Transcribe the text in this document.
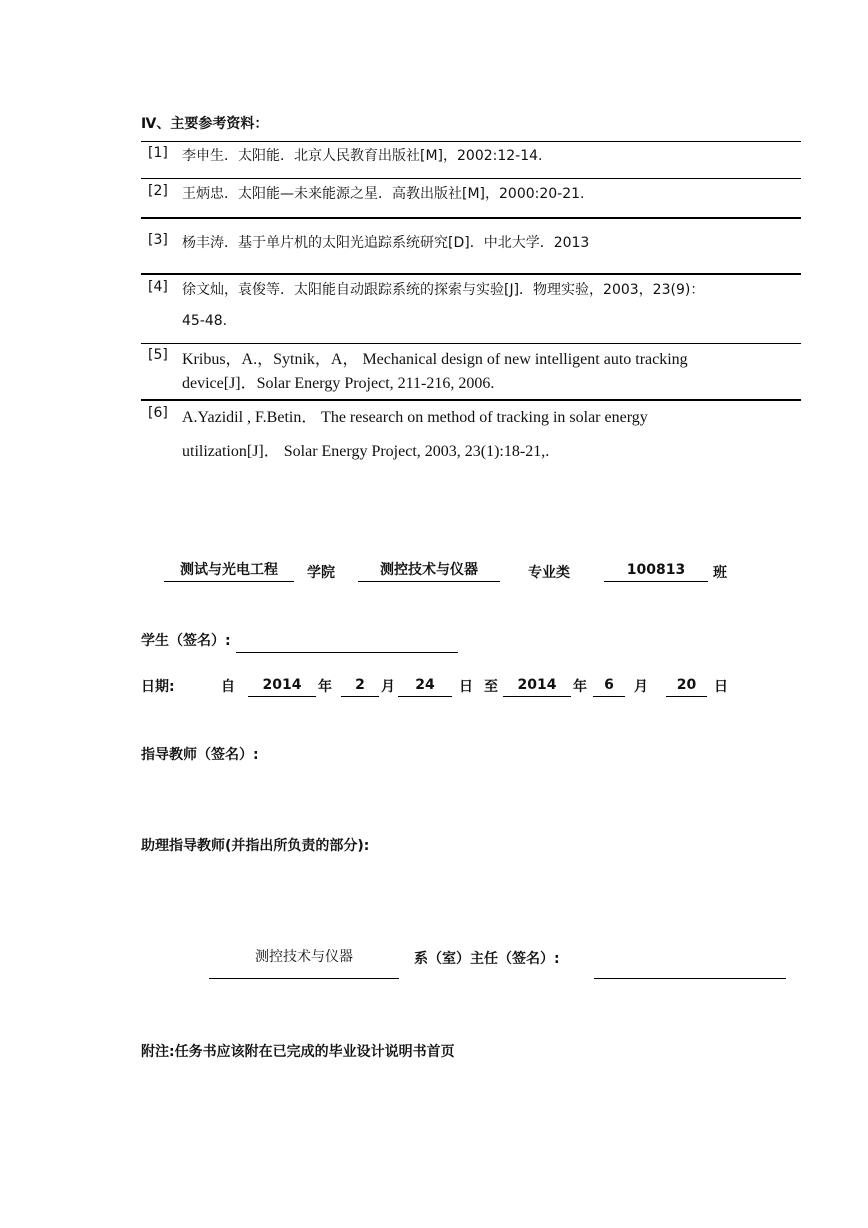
Ⅳ、主要参考资料：
[1] 李申生．太阳能．北京人民教育出版社[M]，2002:12-14.
[2] 王炳忠．太阳能—未来能源之星．高教出版社[M]，2000:20-21.
[3] 杨丰涛．基于单片机的太阳光追踪系统研究[D]．中北大学．2013
[4] 徐文灿，袁俊等．太阳能自动跟踪系统的探索与实验[J]．物理实验，2003，23(9)：
45-48.
[5] Kribus，A.，Sytnik，A， Mechanical design of new intelligent auto tracking
device[J]．Solar Energy Project, 211-216, 2006.
[6] A.Yazidil , F.Betin． The research on method of tracking in solar energy
utilization[J]． Solar Energy Project, 2003, 23(1):18-21,.
测试与光电工程	学院	测控技术与仪器	专业类	100813	班
学生（签名）:
日期:	自	2014	年	2	月	24	日 至	2014	年	6	月	20	日
指导教师（签名）:
助理指导教师(并指出所负责的部分):
测控技术与仪器	系（室）主任（签名）:
附注:任务书应该附在已完成的毕业设计说明书首页
